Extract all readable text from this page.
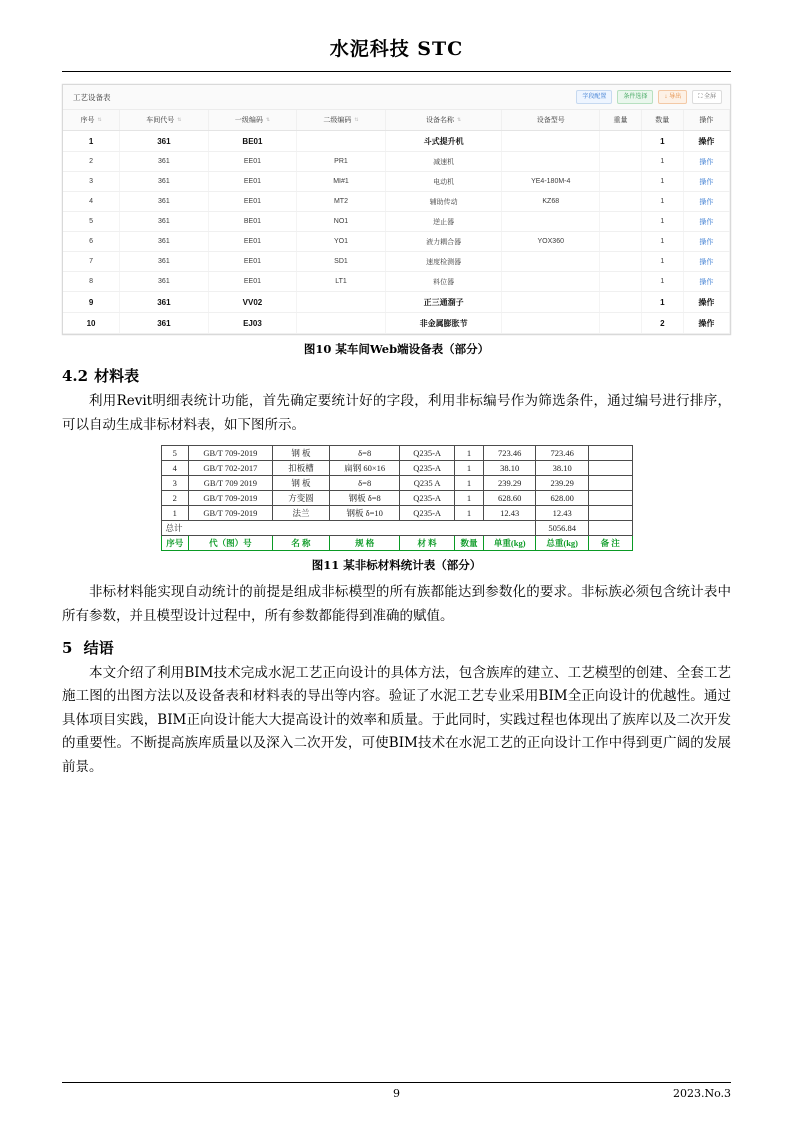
水泥科技 STC
工艺设备表	字段配置	条件选择	↓ 导出	⛶ 全屏
序号 ⇅	车间代号 ⇅	一级编码 ⇅	二级编码 ⇅	设备名称 ⇅	设备型号	重量	数量	操作
1	361	BE01		斗式提升机			1	操作
2	361	EE01	PR1	减速机			1	操作
3	361	EE01	MI#1	电动机	YE4-180M-4		1	操作
4	361	EE01	MT2	辅助传动	KZ68		1	操作
5	361	BE01	NO1	逆止器			1	操作
6	361	EE01	YO1	液力耦合器	YOX360		1	操作
7	361	EE01	SD1	速度检测器			1	操作
8	361	EE01	LT1	料位器			1	操作
9	361	VV02		正三通溜子			1	操作
10	361	EJ03		非金属膨胀节			2	操作
图10 某车间Web端设备表（部分）
4.2 材料表

利用Revit明细表统计功能，首先确定要统计好的字段，利用非标编号作为筛选条件，通过编号进行排序，可以自动生成非标材料表，如下图所示。

5	GB/T 709-2019	钢 板	δ=8	Q235-A	1	723.46	723.46	
4	GB/T 702-2017	扣板槽	扁钢 60×16	Q235-A	1	38.10	38.10	
3	GB/T 709 2019	钢 板	δ=8	Q235 A	1	239.29	239.29	
2	GB/T 709-2019	方变圆	钢板 δ=8	Q235-A	1	628.60	628.00	
1	GB/T 709-2019	法兰	钢板 δ=10	Q235-A	1	12.43	12.43	
总计							5056.84	
序号	代（图）号	名 称	规 格	材 料	数量	单重(kg)	总重(kg)	备 注
图11 某非标材料统计表（部分）

非标材料能实现自动统计的前提是组成非标模型的所有族都能达到参数化的要求。非标族必须包含统计表中所有参数，并且模型设计过程中，所有参数都能得到准确的赋值。

5 结语

本文介绍了利用BIM技术完成水泥工艺正向设计的具体方法，包含族库的建立、工艺模型的创建、全套工艺施工图的出图方法以及设备表和材料表的导出等内容。验证了水泥工艺专业采用BIM全正向设计的优越性。通过具体项目实践，BIM正向设计能大大提高设计的效率和质量。于此同时，实践过程也体现出了族库以及二次开发的重要性。不断提高族库质量以及深入二次开发，可使BIM技术在水泥工艺的正向设计工作中得到更广阔的发展前景。

9	2023.No.3
